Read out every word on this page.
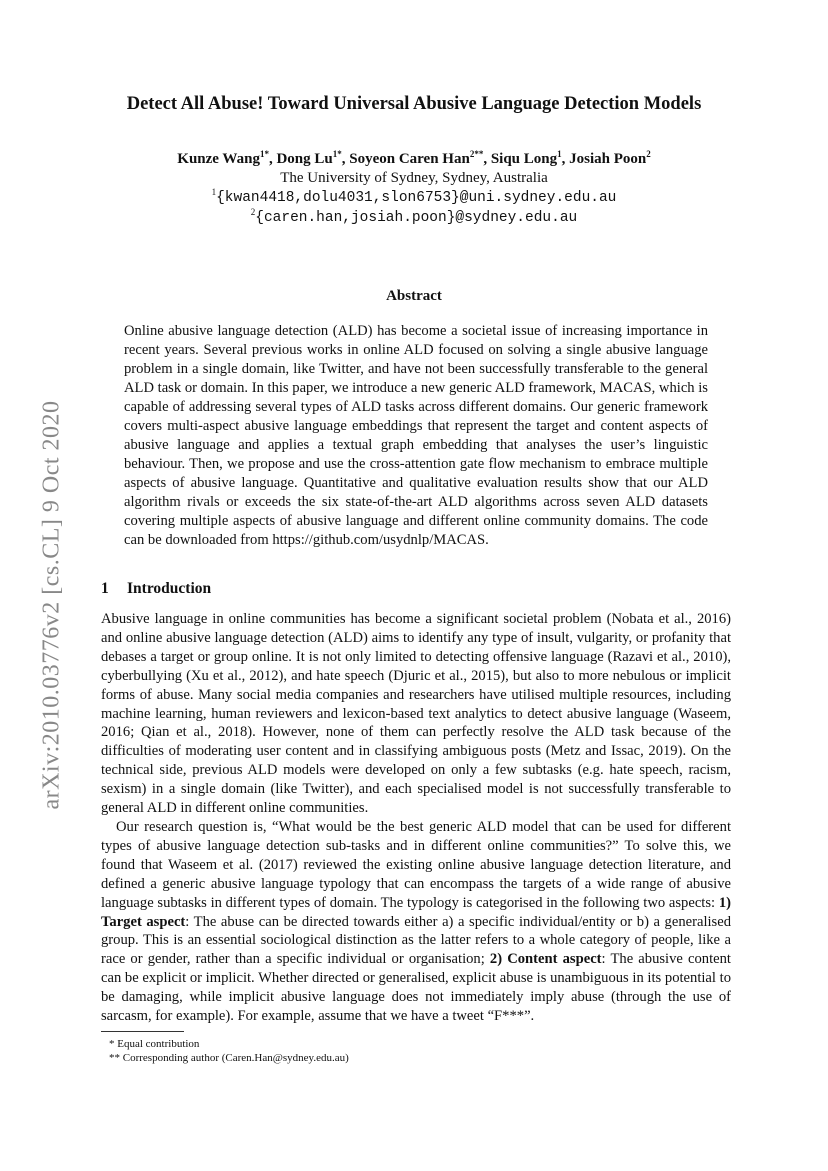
arXiv:2010.03776v2 [cs.CL] 9 Oct 2020
Detect All Abuse! Toward Universal Abusive Language Detection Models
Kunze Wang$^{1*}$, Dong $Lu^{1*}$, Soyeon Caren Han$^{2**}$, Siqu Long$^1$, Josiah Poon$^2$
The University of Sydney, Sydney, Australia
$^1${kwan4418,dolu4031,slon6753}@uni.sydney.edu.au
$^2${caren.han,josiah.poon}@sydney.edu.au
Abstract
Online abusive language detection (ALD) has become a societal issue of increasing importance in recent years. Several previous works in online ALD focused on solving a single abusive language problem in a single domain, like Twitter, and have not been successfully transferable to the general ALD task or domain. In this paper, we introduce a new generic ALD framework, MACAS, which is capable of addressing several types of ALD tasks across different domains. Our generic framework covers multi-aspect abusive language embeddings that represent the target and content aspects of abusive language and applies a textual graph embedding that analyses the user’s linguistic behaviour. Then, we propose and use the cross-attention gate flow mechanism to embrace multiple aspects of abusive language. Quantitative and qualitative evaluation results show that our ALD algorithm rivals or exceeds the six state-of-the-art ALD algorithms across seven ALD datasets covering multiple aspects of abusive language and different online community domains. The code can be downloaded from https://github.com/usydnlp/MACAS.
1 Introduction

Abusive language in online communities has become a significant societal problem (Nobata et al., 2016) and online abusive language detection (ALD) aims to identify any type of insult, vulgarity, or profanity that debases a target or group online. It is not only limited to detecting offensive language (Razavi et al., 2010), cyberbullying (Xu et al., 2012), and hate speech (Djuric et al., 2015), but also to more nebulous or implicit forms of abuse. Many social media companies and researchers have utilised multiple resources, including machine learning, human reviewers and lexicon-based text analytics to detect abusive language (Waseem, 2016; Qian et al., 2018). However, none of them can perfectly resolve the ALD task because of the difficulties of moderating user content and in classifying ambiguous posts (Metz and Issac, 2019). On the technical side, previous ALD models were developed on only a few subtasks (e.g. hate speech, racism, sexism) in a single domain (like Twitter), and each specialised model is not successfully transferable to general ALD in different online communities.

Our research question is, “What would be the best generic ALD model that can be used for different types of abusive language detection sub-tasks and in different online communities?” To solve this, we found that Waseem et al. (2017) reviewed the existing online abusive language detection literature, and defined a generic abusive language typology that can encompass the targets of a wide range of abusive language subtasks in different types of domain. The typology is categorised in the following two aspects: 1) Target aspect: The abuse can be directed towards either a) a specific individual/entity or b) a generalised group. This is an essential sociological distinction as the latter refers to a whole category of people, like a race or gender, rather than a specific individual or organisation; 2) Content aspect: The abusive content can be explicit or implicit. Whether directed or generalised, explicit abuse is unambiguous in its potential to be damaging, while implicit abusive language does not immediately imply abuse (through the use of sarcasm, for example). For example, assume that we have a tweet “F***”.

* Equal contribution
** Corresponding author (Caren.Han@sydney.edu.au)
